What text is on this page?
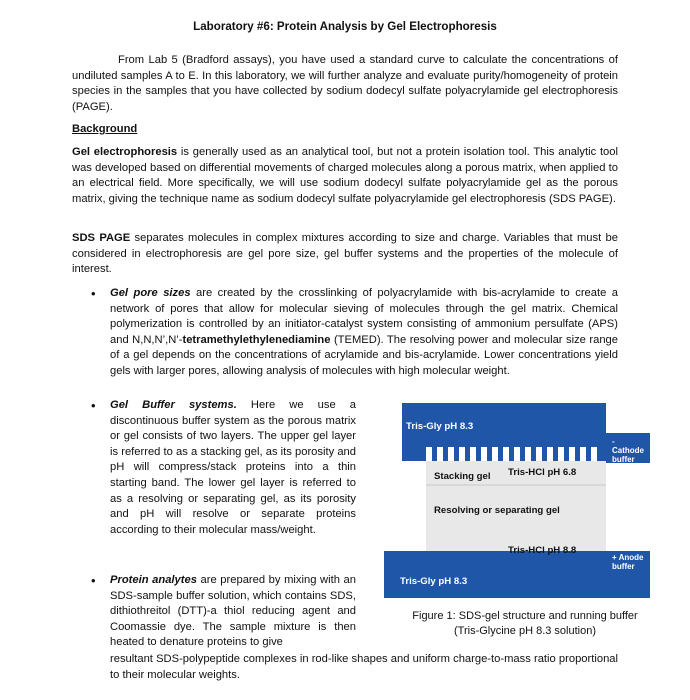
Laboratory #6: Protein Analysis by Gel Electrophoresis
From Lab 5 (Bradford assays), you have used a standard curve to calculate the concentrations of undiluted samples A to E. In this laboratory, we will further analyze and evaluate purity/homogeneity of protein species in the samples that you have collected by sodium dodecyl sulfate polyacrylamide gel electrophoresis (PAGE).
Background
Gel electrophoresis is generally used as an analytical tool, but not a protein isolation tool. This analytic tool was developed based on differential movements of charged molecules along a porous matrix, when applied to an electrical field. More specifically, we will use sodium dodecyl sulfate polyacrylamide gel as the porous matrix, giving the technique name as sodium dodecyl sulfate polyacrylamide gel electrophoresis (SDS PAGE).
SDS PAGE separates molecules in complex mixtures according to size and charge. Variables that must be considered in electrophoresis are gel pore size, gel buffer systems and the properties of the molecule of interest.
• Gel pore sizes are created by the crosslinking of polyacrylamide with bis-acrylamide to create a network of pores that allow for molecular sieving of molecules through the gel matrix. Chemical polymerization is controlled by an initiator-catalyst system consisting of ammonium persulfate (APS) and N,N,N’,N’-tetramethylethylenediamine (TEMED). The resolving power and molecular size range of a gel depends on the concentrations of acrylamide and bis-acrylamide. Lower concentrations yield gels with larger pores, allowing analysis of molecules with high molecular weight.
• Gel Buffer systems. Here we use a discontinuous buffer system as the porous matrix or gel consists of two layers. The upper gel layer is referred to as a stacking gel, as its porosity and pH will compress/stack proteins into a thin starting band. The lower gel layer is referred to as a resolving or separating gel, as its porosity and pH will resolve or separate proteins according to their molecular mass/weight.
• Protein analytes are prepared by mixing with an SDS-sample buffer solution, which contains SDS, dithiothreitol (DTT)-a thiol reducing agent and Coomassie dye. The sample mixture is then heated to denature proteins to give
resultant SDS-polypeptide complexes in rod-like shapes and uniform charge-to-mass ratio proportional to their molecular weights.
Tris-Gly pH 8.3
- Cathode buffer
Stacking gel Tris-HCl pH 6.8
Resolving or separating gel
Tris-HCl pH 8.8
+ Anode buffer
Tris-Gly pH 8.3
Figure 1: SDS-gel structure and running buffer
(Tris-Glycine pH 8.3 solution)
